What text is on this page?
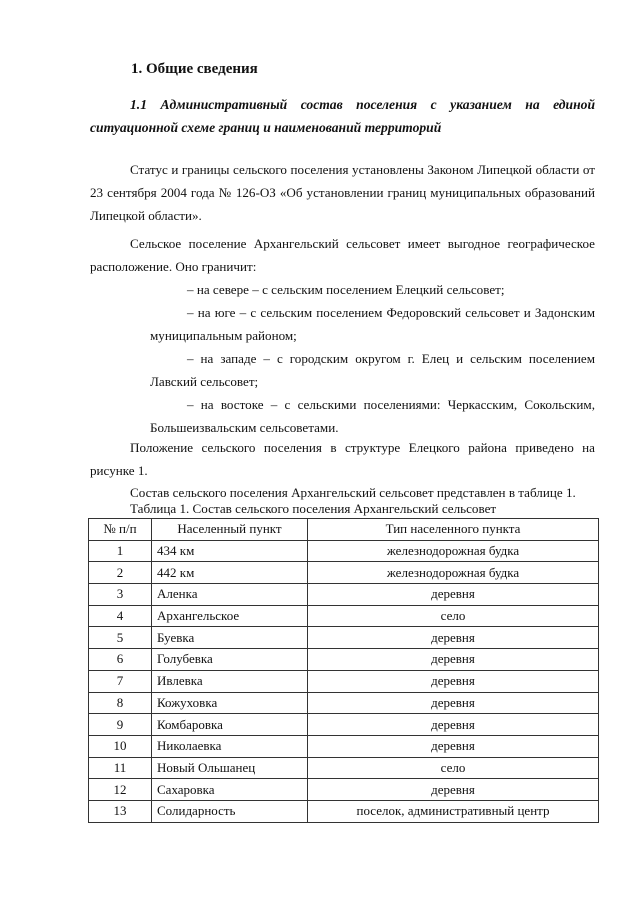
1. Общие сведения
1.1 Административный состав поселения с указанием на единой ситуационной схеме границ и наименований территорий
Статус и границы сельского поселения установлены Законом Липецкой области от 23 сентября 2004 года № 126-ОЗ «Об установлении границ муниципальных образований Липецкой области».
Сельское поселение Архангельский сельсовет имеет выгодное географическое расположение. Оно граничит:
– на севере – с сельским поселением Елецкий сельсовет;
– на юге – с сельским поселением Федоровский сельсовет и Задонским муниципальным районом;
– на западе – с городским округом г. Елец и сельским поселением Лавский сельсовет;
– на востоке – с сельскими поселениями: Черкасским, Сокольским, Большеизвальским сельсоветами.
Положение сельского поселения в структуре Елецкого района приведено на рисунке 1.
Состав сельского поселения Архангельский сельсовет представлен в таблице 1.
Таблица 1. Состав сельского поселения Архангельский сельсовет
№ п/п	Населенный пункт	Тип населенного пункта
1	434 км	железнодорожная будка
2	442 км	железнодорожная будка
3	Аленка	деревня
4	Архангельское	село
5	Буевка	деревня
6	Голубевка	деревня
7	Ивлевка	деревня
8	Кожуховка	деревня
9	Комбаровка	деревня
10	Николаевка	деревня
11	Новый Ольшанец	село
12	Сахаровка	деревня
13	Солидарность	поселок, административный центр
